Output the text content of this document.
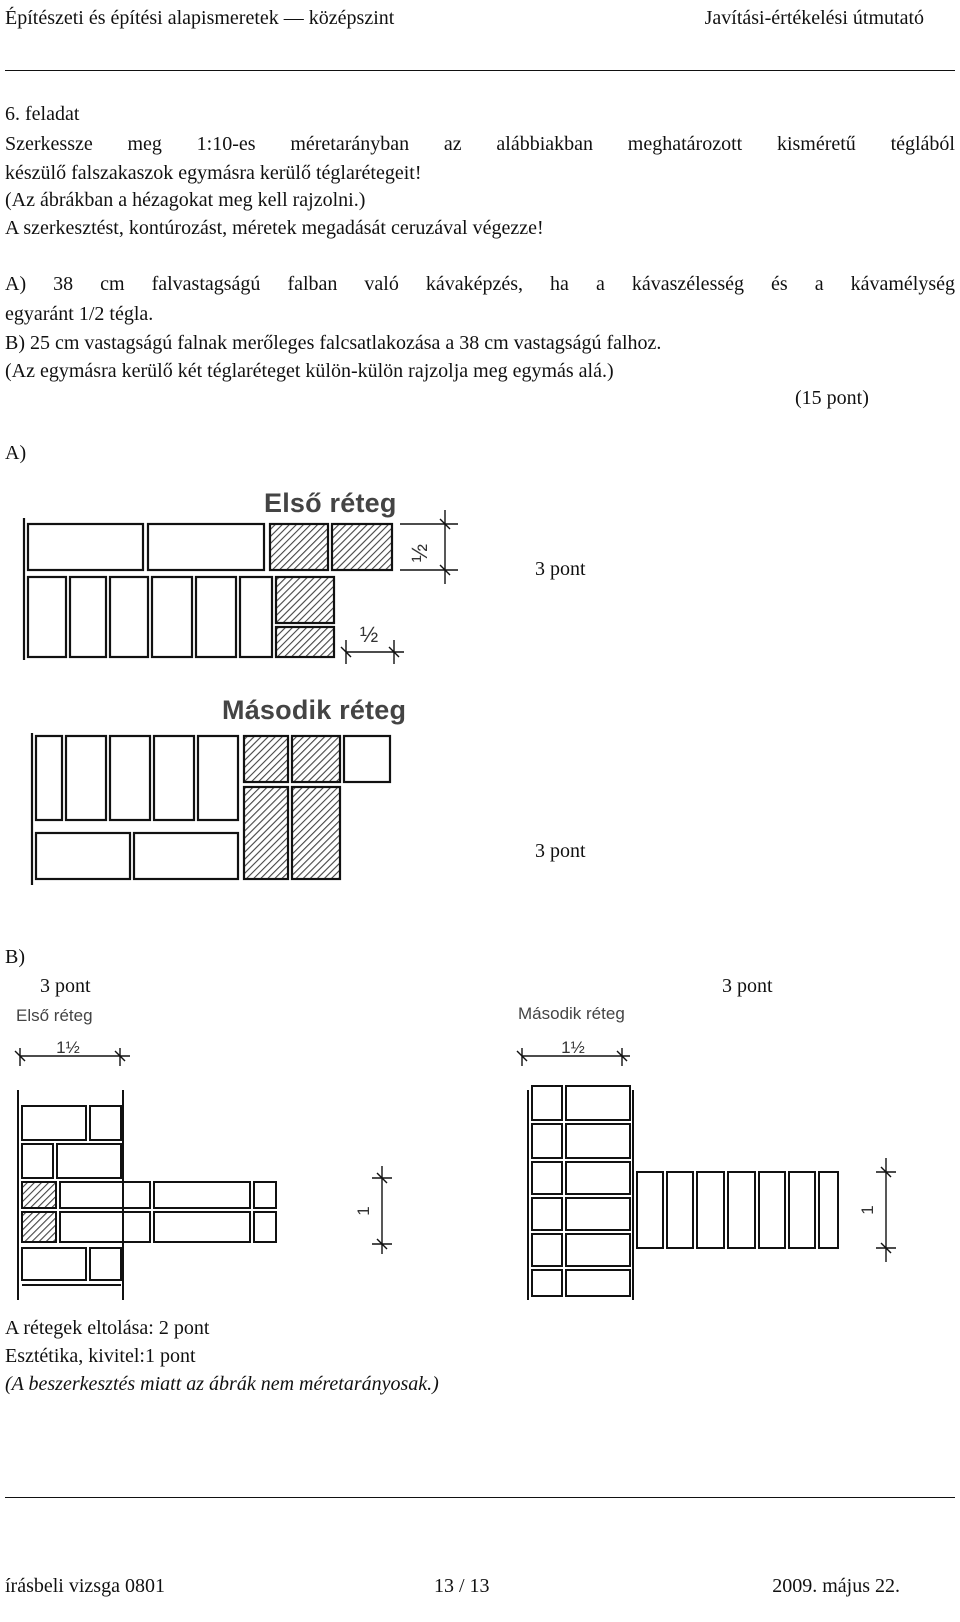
Építészeti és építési alapismeretek — középszint	Javítási-értékelési útmutató
6. feladat
Szerkessze meg 1:10-es méretarányban az alábbiakban meghatározott kisméretű téglából
készülő falszakaszok egymásra kerülő téglarétegeit!
(Az ábrákban a hézagokat meg kell rajzolni.)
A szerkesztést, kontúrozást, méretek megadását ceruzával végezze!
A) 38 cm falvastagságú falban való kávaképzés, ha a kávaszélesség és a kávamélység
egyaránt 1/2 tégla.
B) 25 cm vastagságú falnak merőleges falcsatlakozása a 38 cm vastagságú falhoz.
(Az egymásra kerülő két téglaréteget külön-külön rajzolja meg egymás alá.)
(15 pont)
A)
½
½
1½	1½
1	1
Első réteg
3 pont
Második réteg
3 pont
B)
3 pont	3 pont
Első réteg	Második réteg
A rétegek eltolása: 2 pont
Esztétika, kivitel:1 pont
(A beszerkesztés miatt az ábrák nem méretarányosak.)
írásbeli vizsga 0801	13 / 13	2009. május 22.
